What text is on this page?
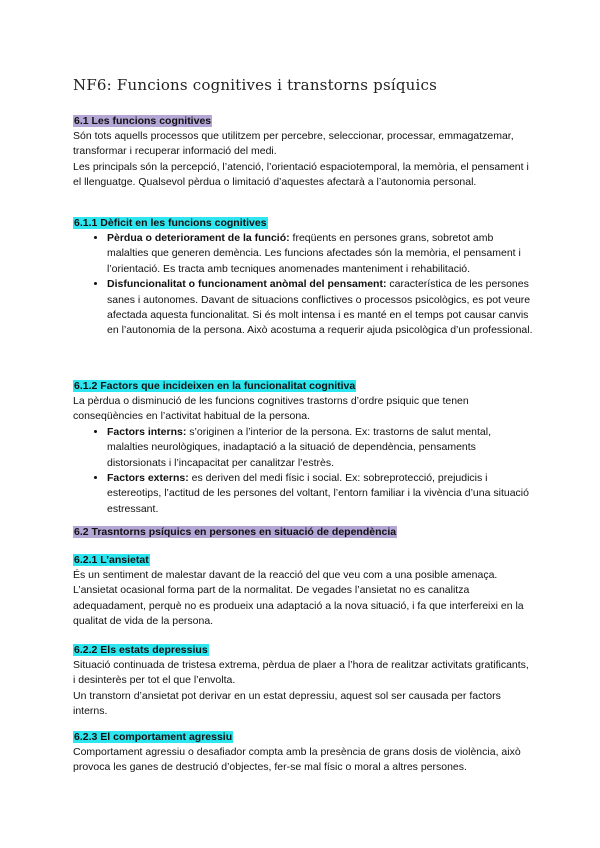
NF6: Funcions cognitives i transtorns psíquics
6.1 Les funcions cognitives

Són tots aquells processos que utilitzem per percebre, seleccionar, processar, emmagatzemar, transformar i recuperar informació del medi.

Les principals són la percepció, l’atenció, l’orientació espaciotemporal, la memòria, el pensament i el llenguatge. Qualsevol pèrdua o limitació d’aquestes afectarà a l’autonomia personal.

6.1.1 Dèficit en les funcions cognitives
• Pèrdua o deteriorament de la funció: freqüents en persones grans, sobretot amb malalties que generen demència. Les funcions afectades són la memòria, el pensament i l’orientació. Es tracta amb tecniques anomenades manteniment i rehabilitació.
• Disfuncionalitat o funcionament anòmal del pensament: característica de les persones sanes i autonomes. Davant de situacions conflictives o processos psicològics, es pot veure afectada aquesta funcionalitat. Si és molt intensa i es manté en el temps pot causar canvis en l’autonomia de la persona. Això acostuma a requerir ajuda psicològica d’un professional.
6.1.2 Factors que incideixen en la funcionalitat cognitiva

La pèrdua o disminució de les funcions cognitives trastorns d’ordre psiquic que tenen conseqüències en l’activitat habitual de la persona.

• Factors interns: s’originen a l’interior de la persona. Ex: trastorns de salut mental, malalties neurològiques, inadaptació a la situació de dependència, pensaments distorsionats i l’incapacitat per canalitzar l’estrès.
• Factors externs: es deriven del medi físic i social. Ex: sobreprotecció, prejudicis i estereotips, l’actitud de les persones del voltant, l’entorn familiar i la vivència d’una situació estressant.
6.2 Trasntorns psíquics en persones en situació de dependència
6.2.1 L’ansietat

És un sentiment de malestar davant de la reacció del que veu com a una posible amenaça. L’ansietat ocasional forma part de la normalitat. De vegades l’ansietat no es canalitza adequadament, perquè no es produeix una adaptació a la nova situació, i fa que interfereixi en la qualitat de vida de la persona.

6.2.2 Els estats depressius

Situació continuada de tristesa extrema, pèrdua de plaer a l’hora de realitzar activitats gratificants, i desinterès per tot el que l’envolta.

Un transtorn d’ansietat pot derivar en un estat depressiu, aquest sol ser causada per factors interns.

6.2.3 El comportament agressiu

Comportament agressiu o desafiador compta amb la presència de grans dosis de violència, això provoca les ganes de destrució d’objectes, fer-se mal físic o moral a altres persones.
